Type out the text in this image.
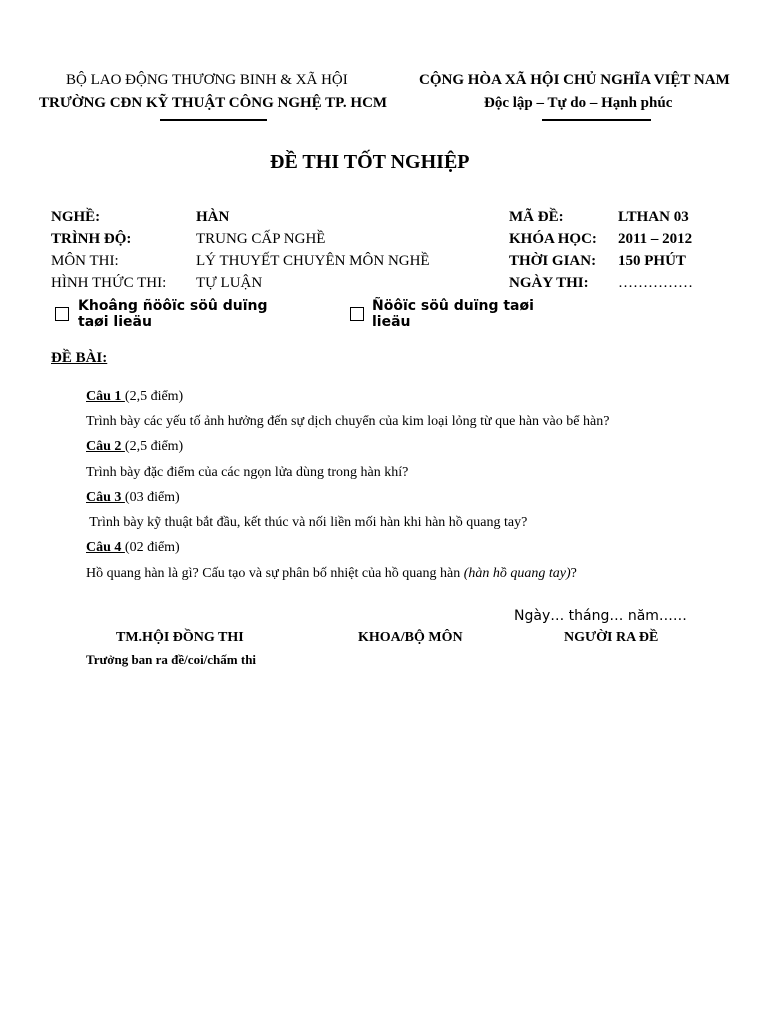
BỘ LAO ĐỘNG THƯƠNG BINH & XÃ HỘI
TRƯỜNG CĐN KỸ THUẬT CÔNG NGHỆ TP. HCM
CỘNG HÒA XÃ HỘI CHỦ NGHĨA VIỆT NAM
Độc lập – Tự do – Hạnh phúc
ĐỀ THI TỐT NGHIỆP
NGHỀ:	HÀN	MÃ ĐỀ:	LTHAN 03
TRÌNH ĐỘ:	TRUNG CẤP NGHỀ	KHÓA HỌC: 2011 – 2012
MÔN THI:	LÝ THUYẾT CHUYÊN MÔN NGHỀ	THỜI GIAN: 150 PHÚT
HÌNH THỨC THI: TỰ LUẬN	NGÀY THI: ……………
Khoâng ñöôïc söû duïng taøi lieäu
Ñöôïc söû duïng taøi lieäu
ĐỀ BÀI:
Câu 1 (2,5 điểm)
Trình bày các yếu tố ảnh hưởng đến sự dịch chuyển của kim loại lỏng từ que hàn vào bể hàn?
Câu 2 (2,5 điểm)
Trình bày đặc điểm của các ngọn lửa dùng trong hàn khí?
Câu 3 (03 điểm)
Trình bày kỹ thuật bắt đầu, kết thúc và nối liền mối hàn khi hàn hồ quang tay?
Câu 4 (02 điểm)
Hồ quang hàn là gì? Cấu tạo và sự phân bố nhiệt của hồ quang hàn (hàn hồ quang tay)?
Ngày… tháng… năm……
TM.HỘI ĐỒNG THI	KHOA/BỘ MÔN	NGƯỜI RA ĐỀ
Trưởng ban ra đề/coi/chấm thi
